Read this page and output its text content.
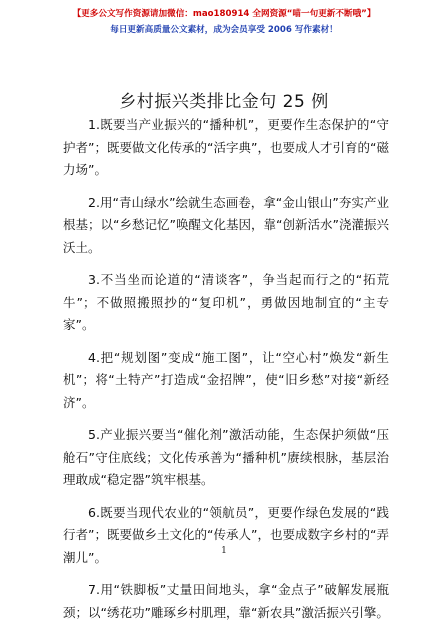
【更多公文写作资源请加微信：mao180914 全网资源“喵一句更新不断哦”】
每日更新高质量公文素材，成为会员享受 2006 写作素材！
乡村振兴类排比金句 25 例

1.既要当产业振兴的“播种机”，更要作生态保护的“守护者”；既要做文化传承的“活字典”，也要成人才引育的“磁力场”。

2.用“青山绿水”绘就生态画卷，拿“金山银山”夯实产业根基；以“乡愁记忆”唤醒文化基因，靠“创新活水”浇灌振兴沃土。

3.不当坐而论道的“清谈客”，争当起而行之的“拓荒牛”；不做照搬照抄的“复印机”，勇做因地制宜的“主专家”。

4.把“规划图”变成“施工图”，让“空心村”焕发“新生机”；将“土特产”打造成“金招牌”，使“旧乡愁”对接“新经济”。

5.产业振兴要当“催化剂”激活动能，生态保护须做“压舱石”守住底线；文化传承善为“播种机”赓续根脉，基层治理敢成“稳定器”筑牢根基。

6.既要当现代农业的“领航员”，更要作绿色发展的“践行者”；既要做乡土文化的“传承人”，也要成数字乡村的“弄潮儿”。

7.用“铁脚板”丈量田间地头，拿“金点子”破解发展瓶颈；以“绣花功”雕琢乡村肌理，靠“新农具”激活振兴引擎。

1
